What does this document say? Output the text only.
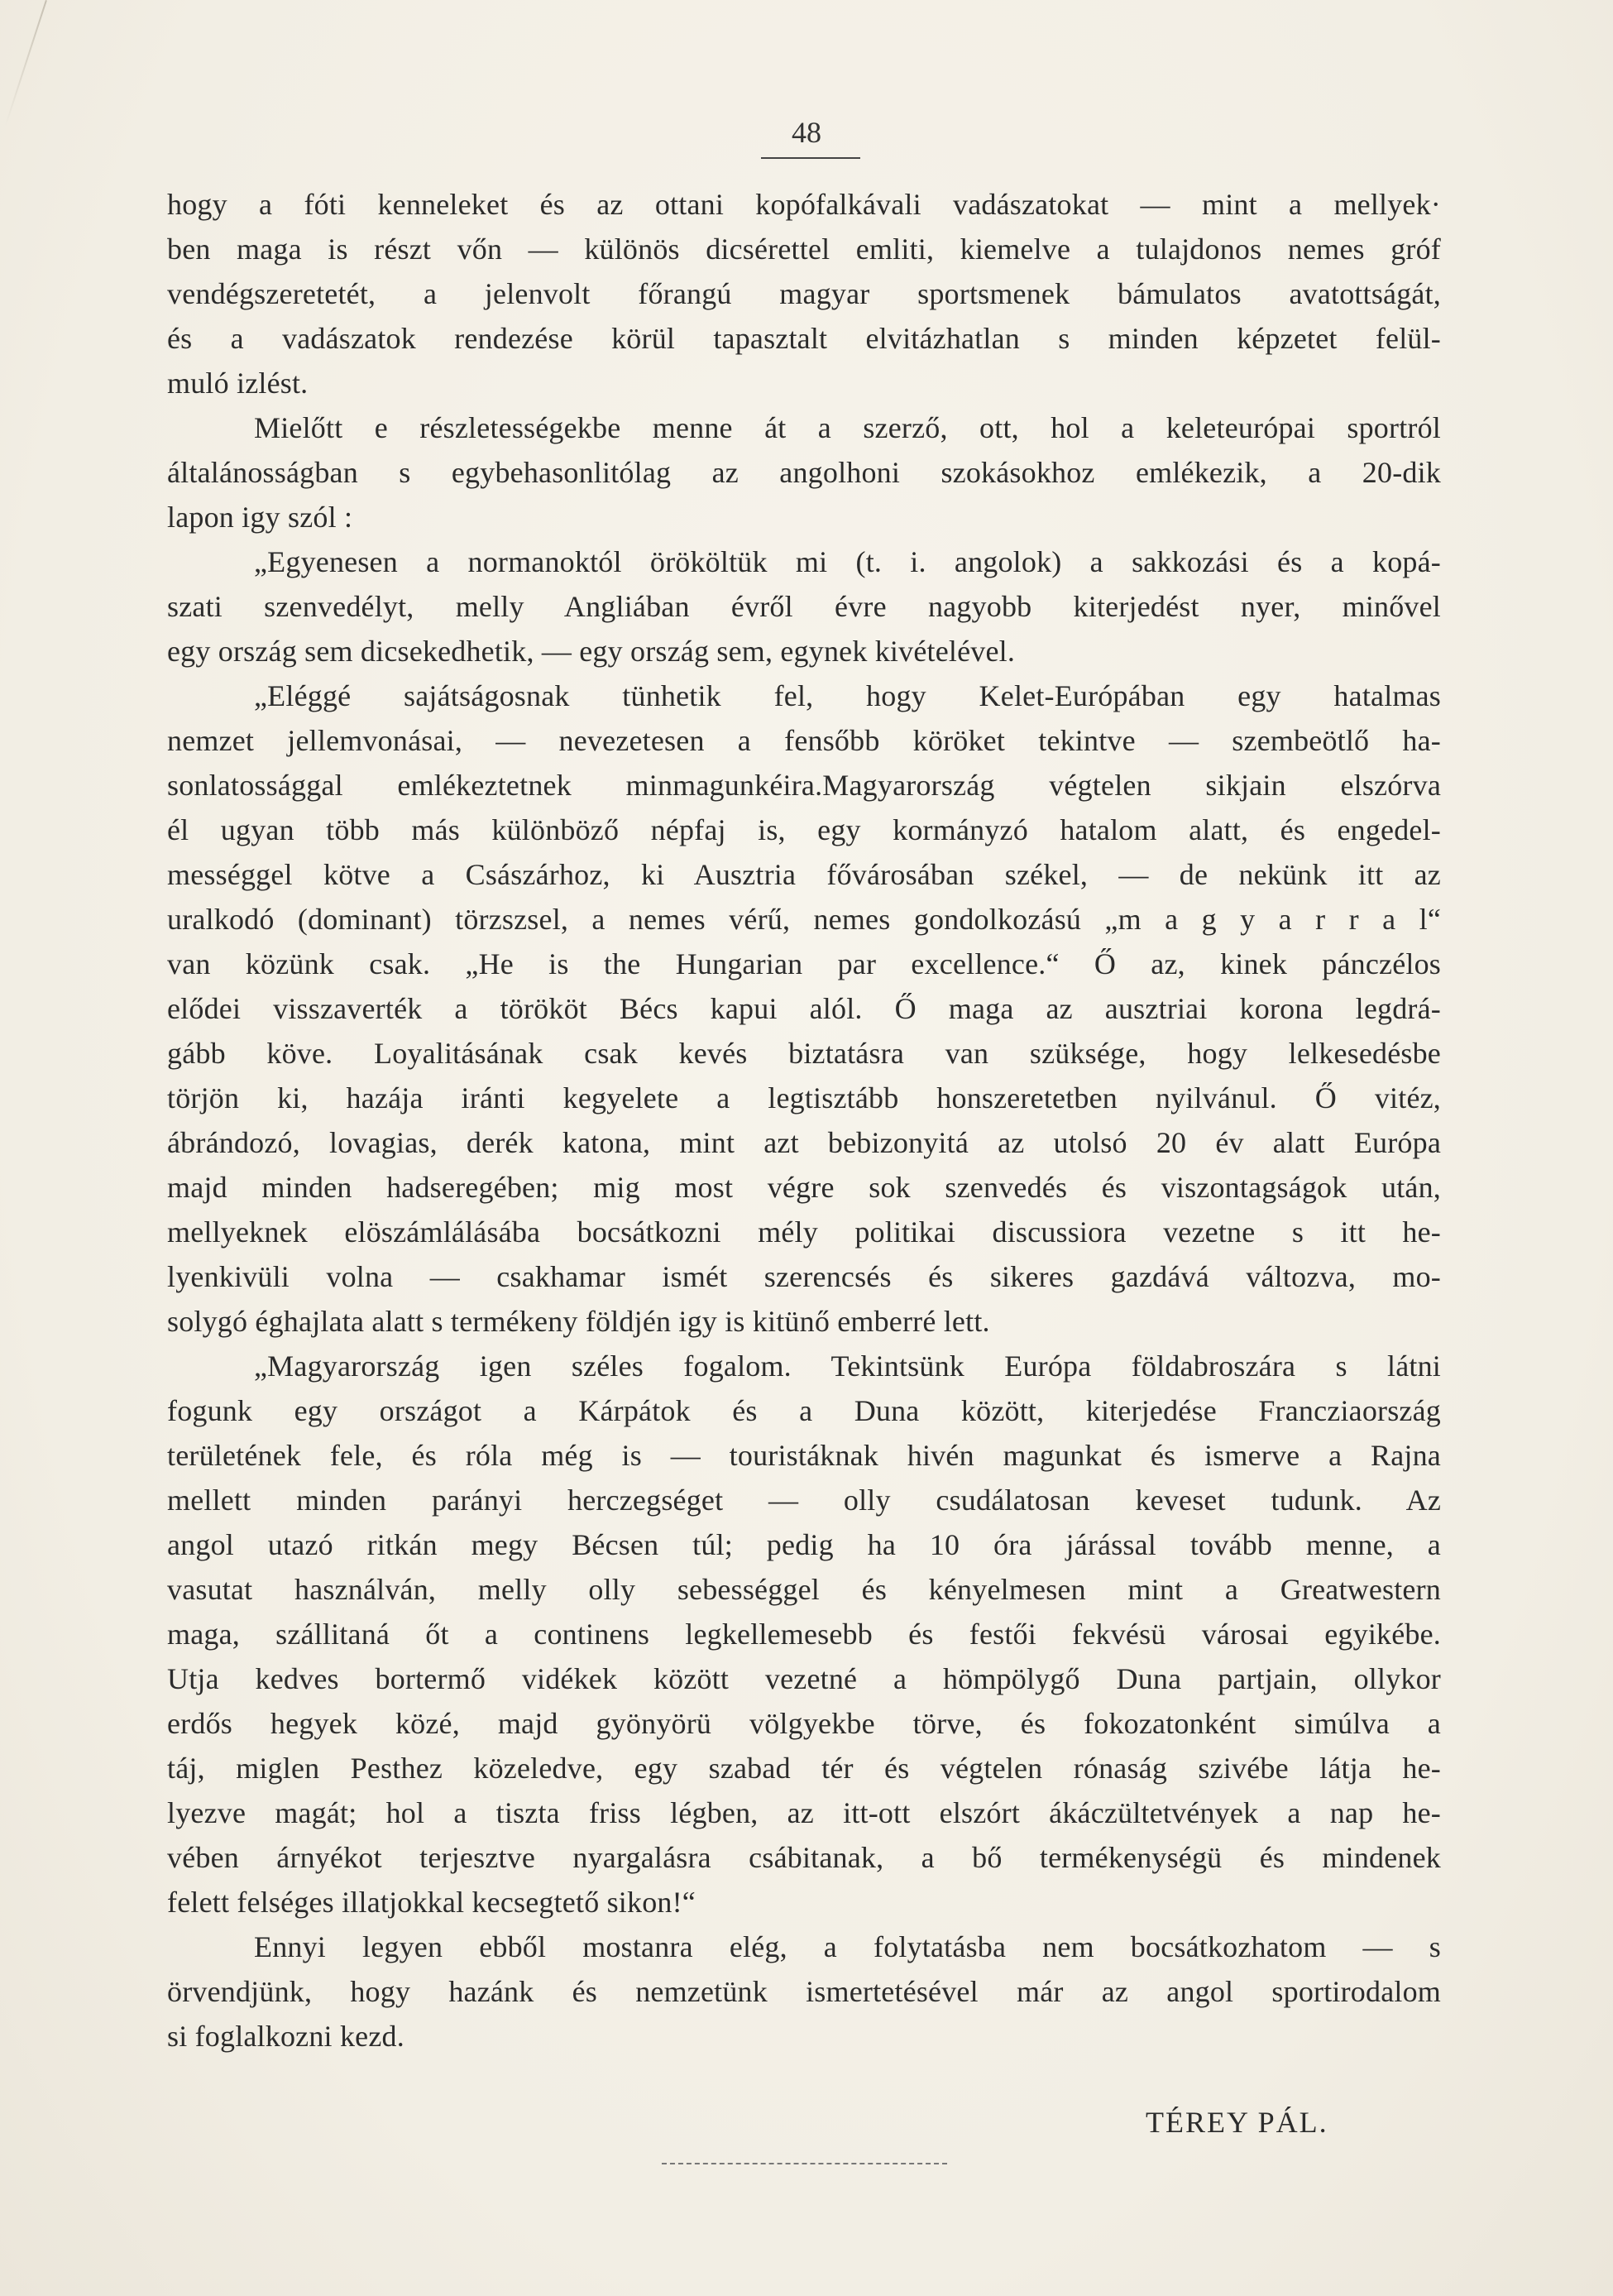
48
hogy a fóti kenneleket és az ottani kopófalkávali vadászatokat — mint a mellyek·
ben maga is részt vőn — különös dicsérettel emliti, kiemelve a tulajdonos nemes gróf
vendégszeretetét, a jelenvolt főrangú magyar sportsmenek bámulatos avatottságát,
és a vadászatok rendezése körül tapasztalt elvitázhatlan s minden képzetet felül-
muló izlést.
Mielőtt e részletességekbe menne át a szerző, ott, hol a keleteurópai sportról
általánosságban s egybehasonlitólag az angolhoni szokásokhoz emlékezik, a 20-dik
lapon igy szól :
„Egyenesen a normanoktól örököltük mi (t. i. angolok) a sakkozási és a kopá-
szati szenvedélyt, melly Angliában évről évre nagyobb kiterjedést nyer, minővel
egy ország sem dicsekedhetik, — egy ország sem, egynek kivételével.
„Eléggé sajátságosnak tünhetik fel, hogy Kelet-Európában egy hatalmas
nemzet jellemvonásai, — nevezetesen a fensőbb köröket tekintve — szembeötlő ha-
sonlatossággal emlékeztetnek minmagunkéira.Magyarország végtelen sikjain elszórva
él ugyan több más különböző népfaj is, egy kormányzó hatalom alatt, és engedel-
mességgel kötve a Császárhoz, ki Ausztria fővárosában székel, — de nekünk itt az
uralkodó (dominant) törzszsel, a nemes vérű, nemes gondolkozású „m a g y a r r a l“
van közünk csak. „He is the Hungarian par excellence.“ Ő az, kinek pánczélos
elődei visszaverték a törököt Bécs kapui alól. Ő maga az ausztriai korona legdrá-
gább köve. Loyalitásának csak kevés biztatásra van szüksége, hogy lelkesedésbe
törjön ki, hazája iránti kegyelete a legtisztább honszeretetben nyilvánul. Ő vitéz,
ábrándozó, lovagias, derék katona, mint azt bebizonyitá az utolsó 20 év alatt Európa
majd minden hadseregében; mig most végre sok szenvedés és viszontagságok után,
mellyeknek elöszámlálásába bocsátkozni mély politikai discussiora vezetne s itt he-
lyenkivüli volna — csakhamar ismét szerencsés és sikeres gazdává változva, mo-
solygó éghajlata alatt s termékeny földjén igy is kitünő emberré lett.
„Magyarország igen széles fogalom. Tekintsünk Európa földabroszára s látni
fogunk egy országot a Kárpátok és a Duna között, kiterjedése Francziaország
területének fele, és róla még is — touristáknak hivén magunkat és ismerve a Rajna
mellett minden parányi herczegséget — olly csudálatosan keveset tudunk. Az
angol utazó ritkán megy Bécsen túl; pedig ha 10 óra járással tovább menne, a
vasutat használván, melly olly sebességgel és kényelmesen mint a Greatwestern
maga, szállitaná őt a continens legkellemesebb és festői fekvésü városai egyikébe.
Utja kedves bortermő vidékek között vezetné a hömpölygő Duna partjain, ollykor
erdős hegyek közé, majd gyönyörü völgyekbe törve, és fokozatonként simúlva a
táj, miglen Pesthez közeledve, egy szabad tér és végtelen rónaság szivébe látja he-
lyezve magát; hol a tiszta friss légben, az itt-ott elszórt ákáczültetvények a nap he-
vében árnyékot terjesztve nyargalásra csábitanak, a bő termékenységü és mindenek
felett felséges illatjokkal kecsegtető sikon!“
Ennyi legyen ebből mostanra elég, a folytatásba nem bocsátkozhatom — s
örvendjünk, hogy hazánk és nemzetünk ismertetésével már az angol sportirodalom
si foglalkozni kezd.
TÉREY PÁL.
